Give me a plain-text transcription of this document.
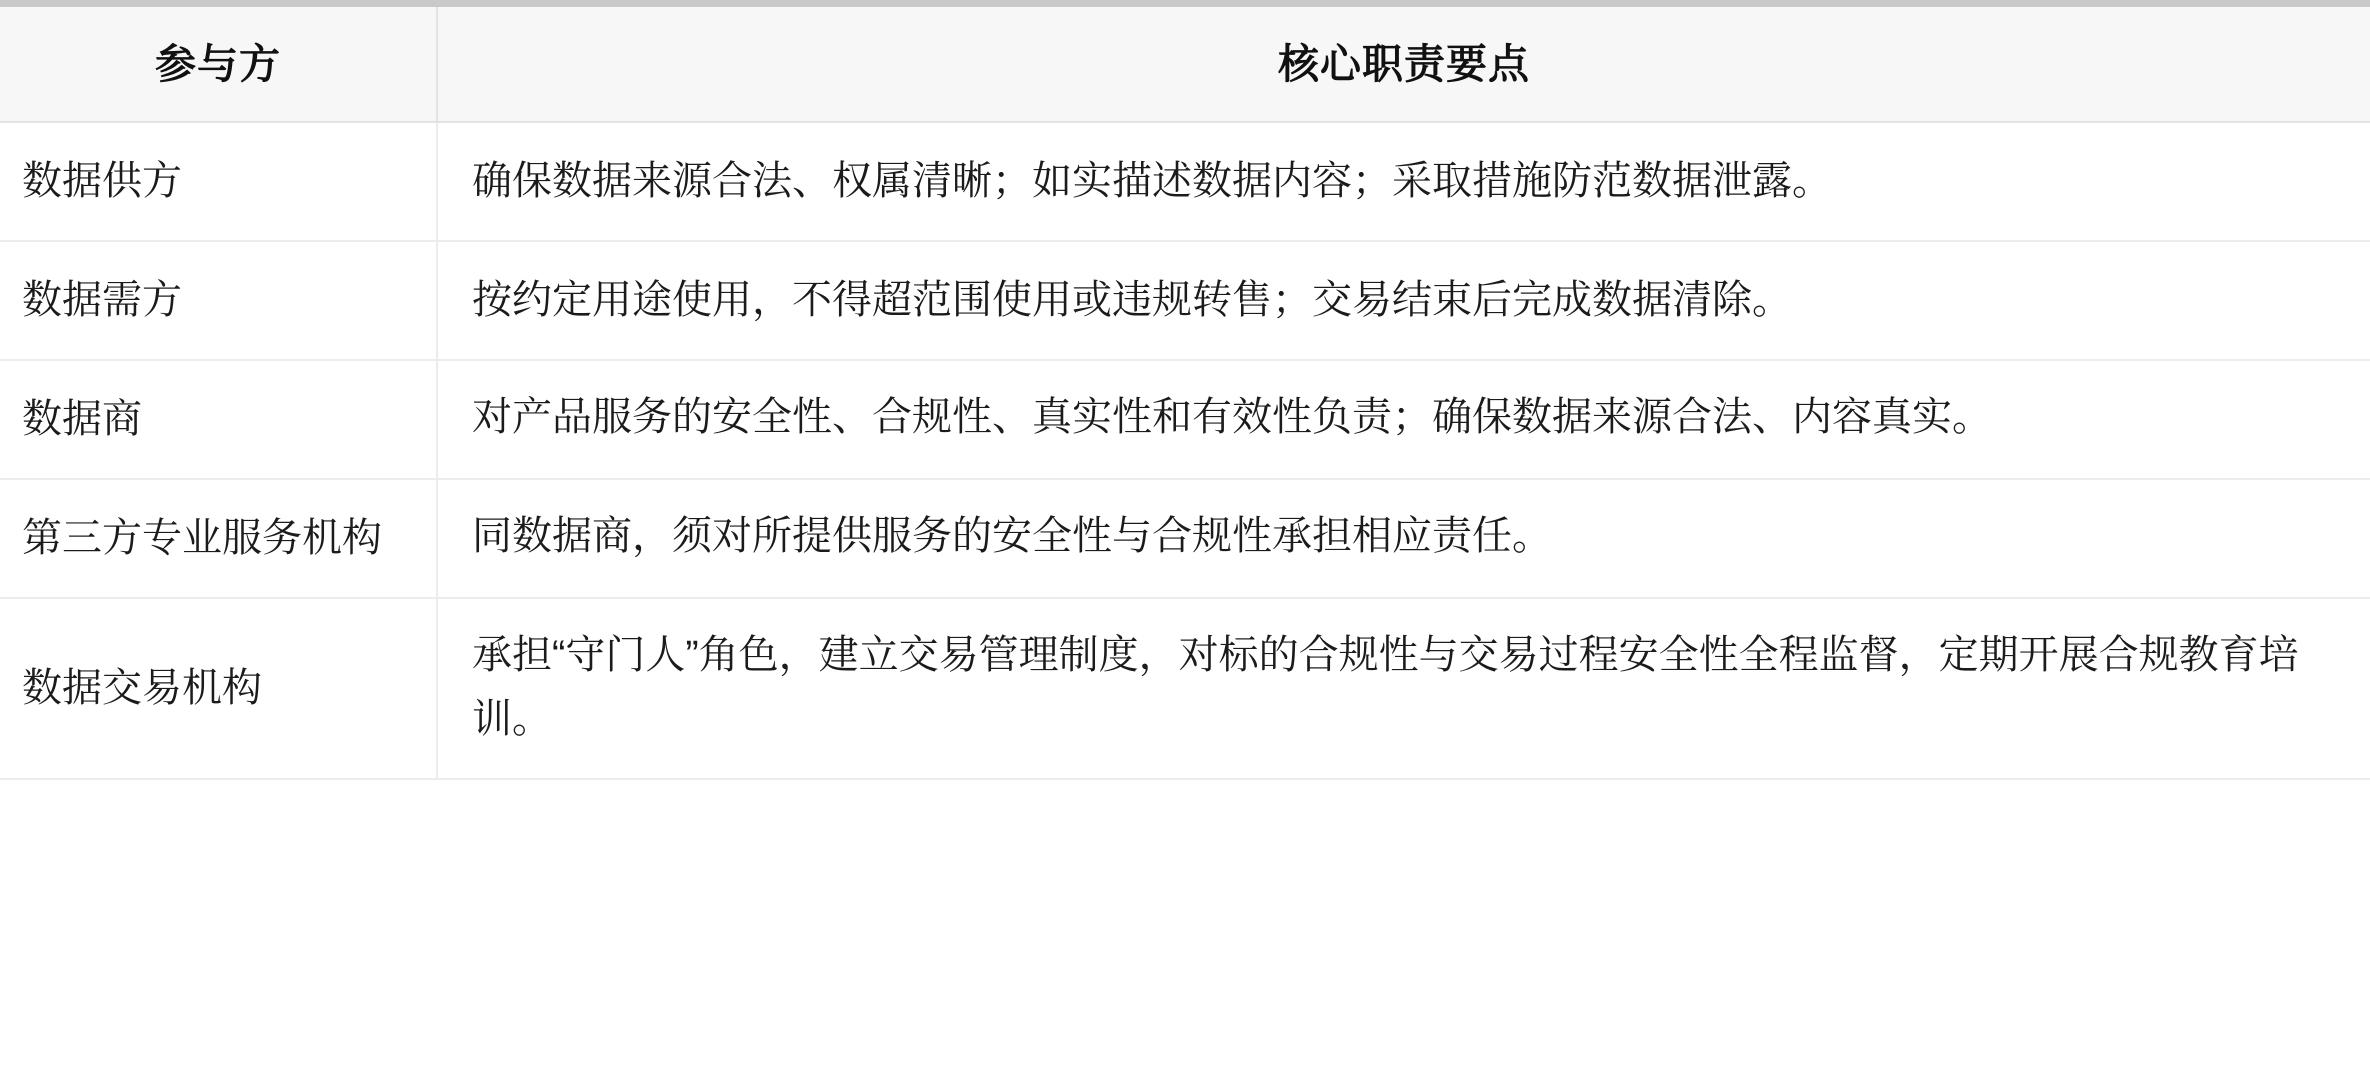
参与方	核心职责要点
数据供方	确保数据来源合法、权属清晰；如实描述数据内容；采取措施防范数据泄露。
数据需方	按约定用途使用，不得超范围使用或违规转售；交易结束后完成数据清除。
数据商	对产品服务的安全性、合规性、真实性和有效性负责；确保数据来源合法、内容真实。
第三方专业服务机构	同数据商，须对所提供服务的安全性与合规性承担相应责任。
数据交易机构	承担“守门人”角色，建立交易管理制度，对标的合规性与交易过程安全性全程监督，定期开展合规教育培训。
